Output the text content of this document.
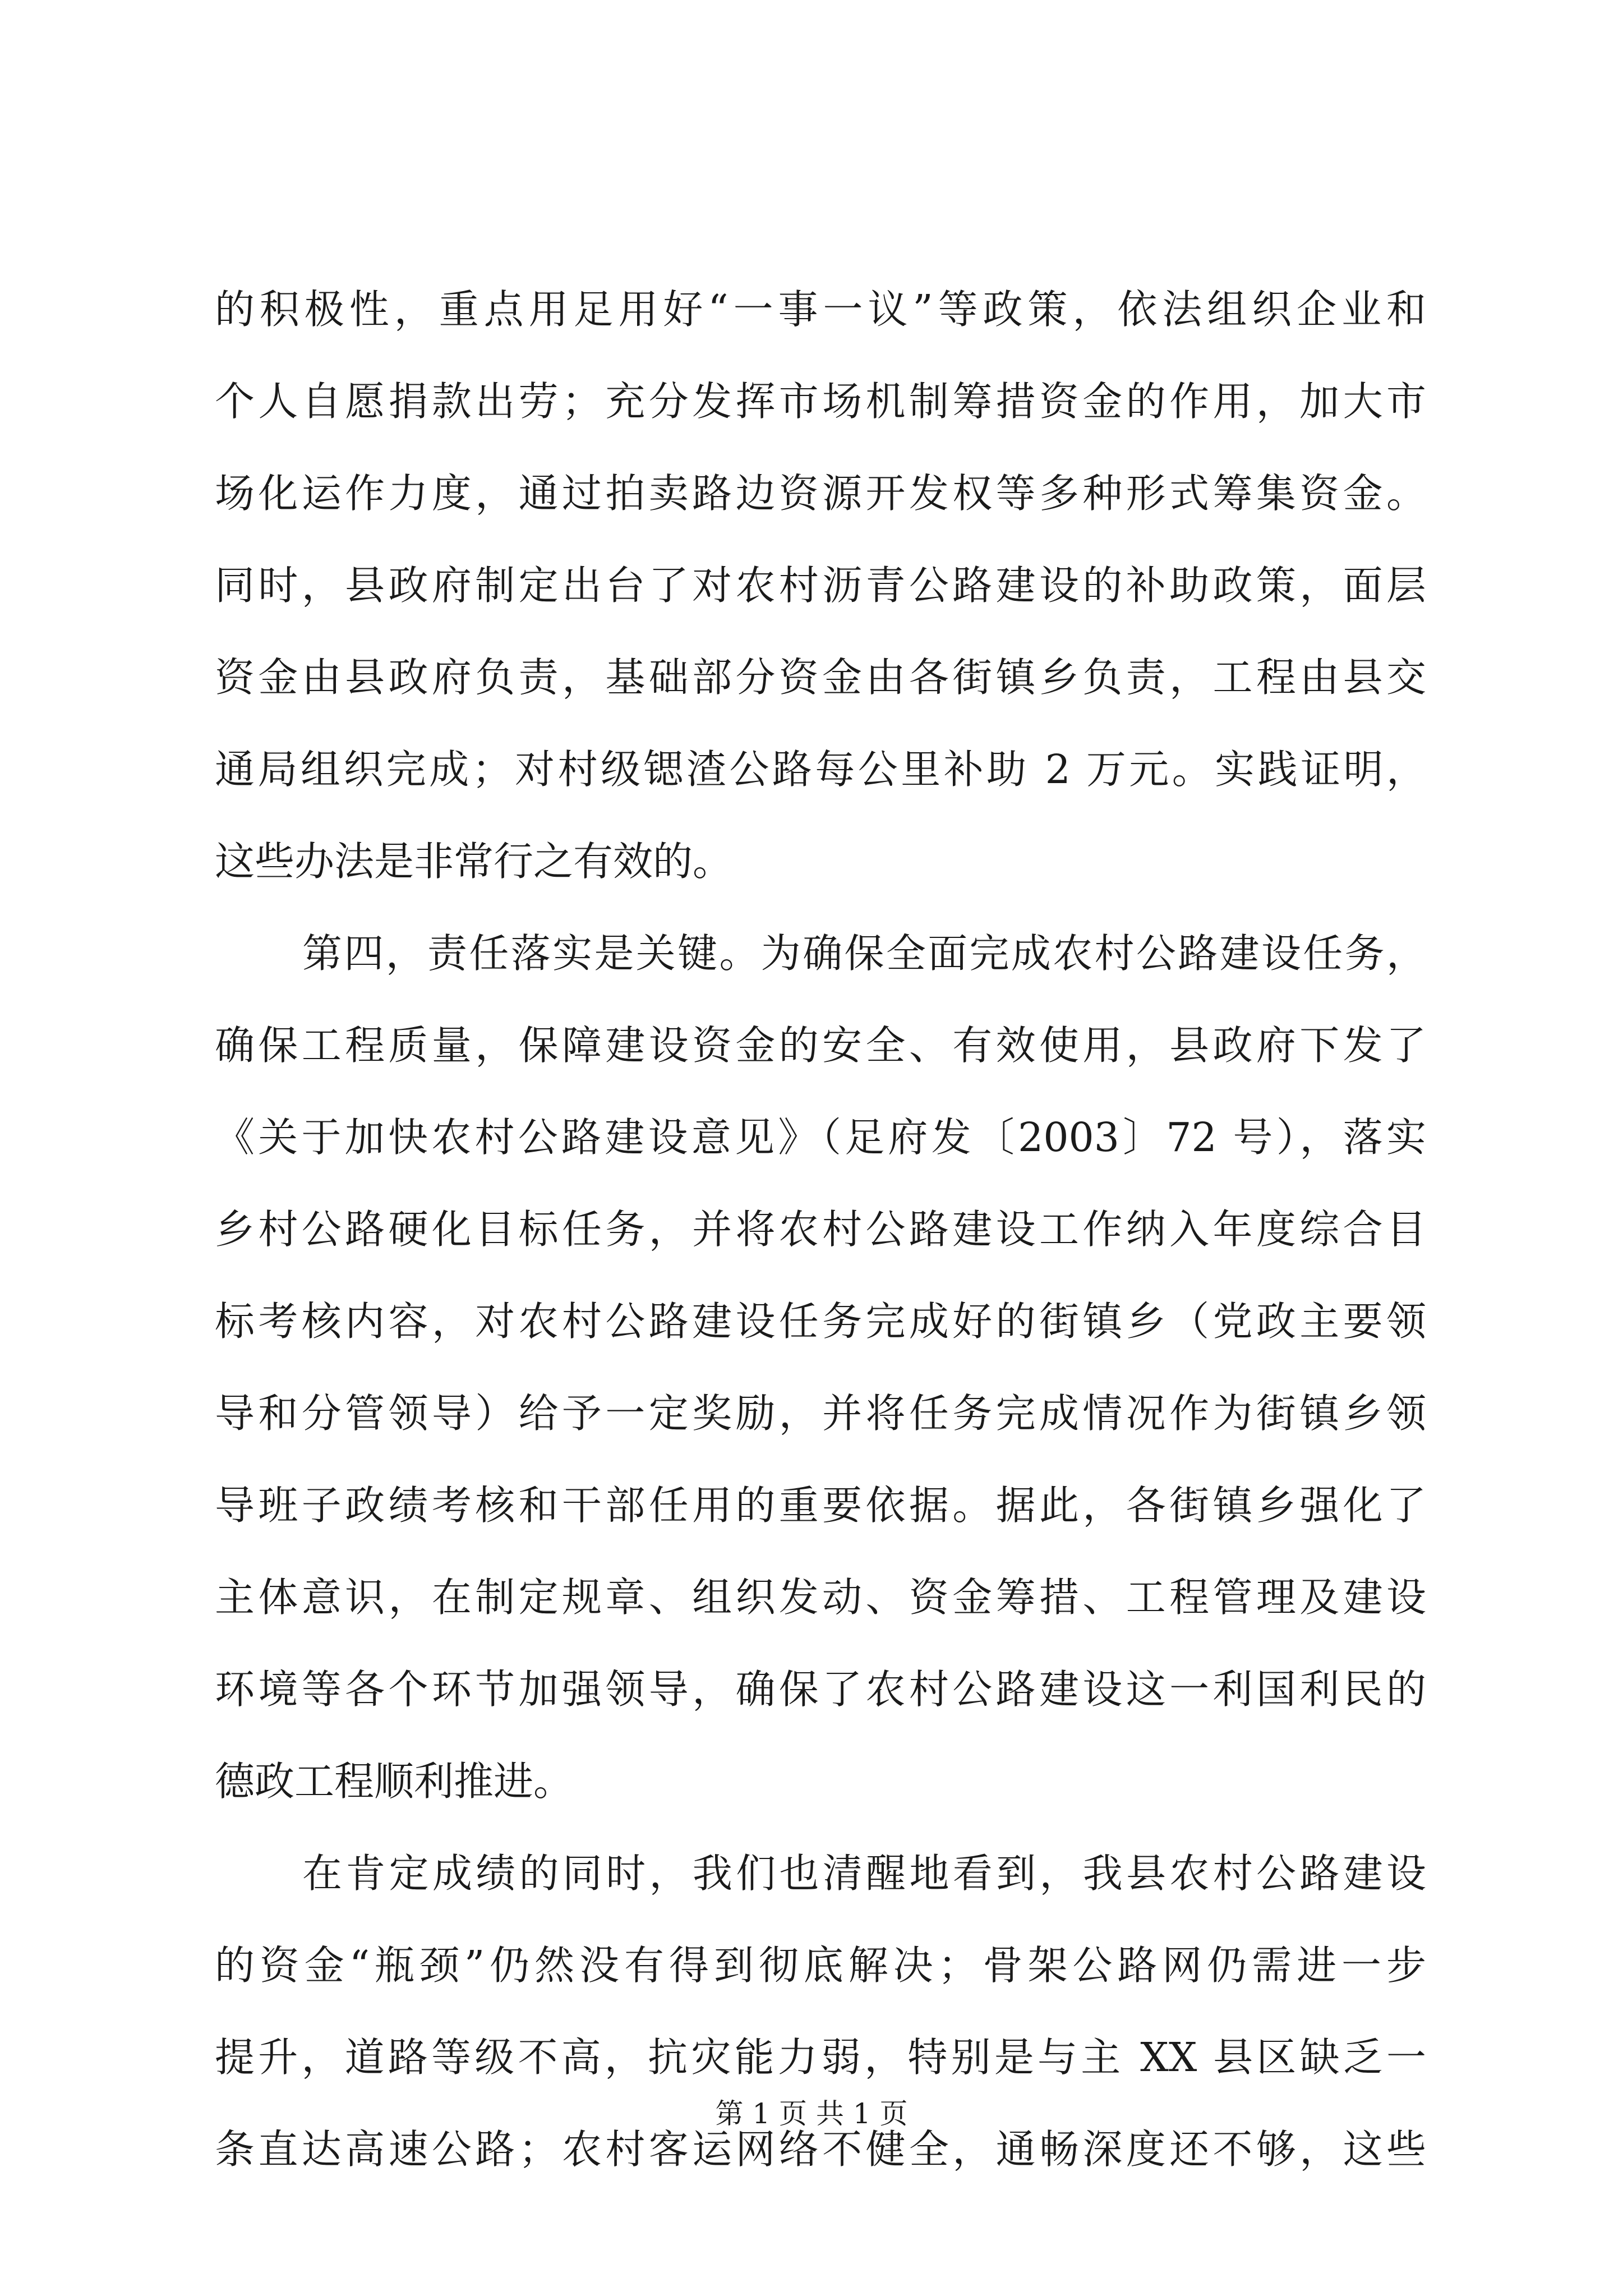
的积极性，重点用足用好“一事一议”等政策，依法组织企业和
个人自愿捐款出劳；充分发挥市场机制筹措资金的作用，加大市
场化运作力度，通过拍卖路边资源开发权等多种形式筹集资金。
同时，县政府制定出台了对农村沥青公路建设的补助政策，面层
资金由县政府负责，基础部分资金由各街镇乡负责，工程由县交
通局组织完成；对村级锶渣公路每公里补助 2 万元。实践证明，
这些办法是非常行之有效的。
第四，责任落实是关键。为确保全面完成农村公路建设任务，
确保工程质量，保障建设资金的安全、有效使用，县政府下发了
《关于加快农村公路建设意见》（足府发〔2003〕72 号），落实
乡村公路硬化目标任务，并将农村公路建设工作纳入年度综合目
标考核内容，对农村公路建设任务完成好的街镇乡（党政主要领
导和分管领导）给予一定奖励，并将任务完成情况作为街镇乡领
导班子政绩考核和干部任用的重要依据。据此，各街镇乡强化了
主体意识，在制定规章、组织发动、资金筹措、工程管理及建设
环境等各个环节加强领导，确保了农村公路建设这一利国利民的
德政工程顺利推进。
在肯定成绩的同时，我们也清醒地看到，我县农村公路建设
的资金“瓶颈”仍然没有得到彻底解决；骨架公路网仍需进一步
提升，道路等级不高，抗灾能力弱，特别是与主 XX 县区缺乏一
条直达高速公路；农村客运网络不健全，通畅深度还不够，这些
第 1 页 共 1 页
